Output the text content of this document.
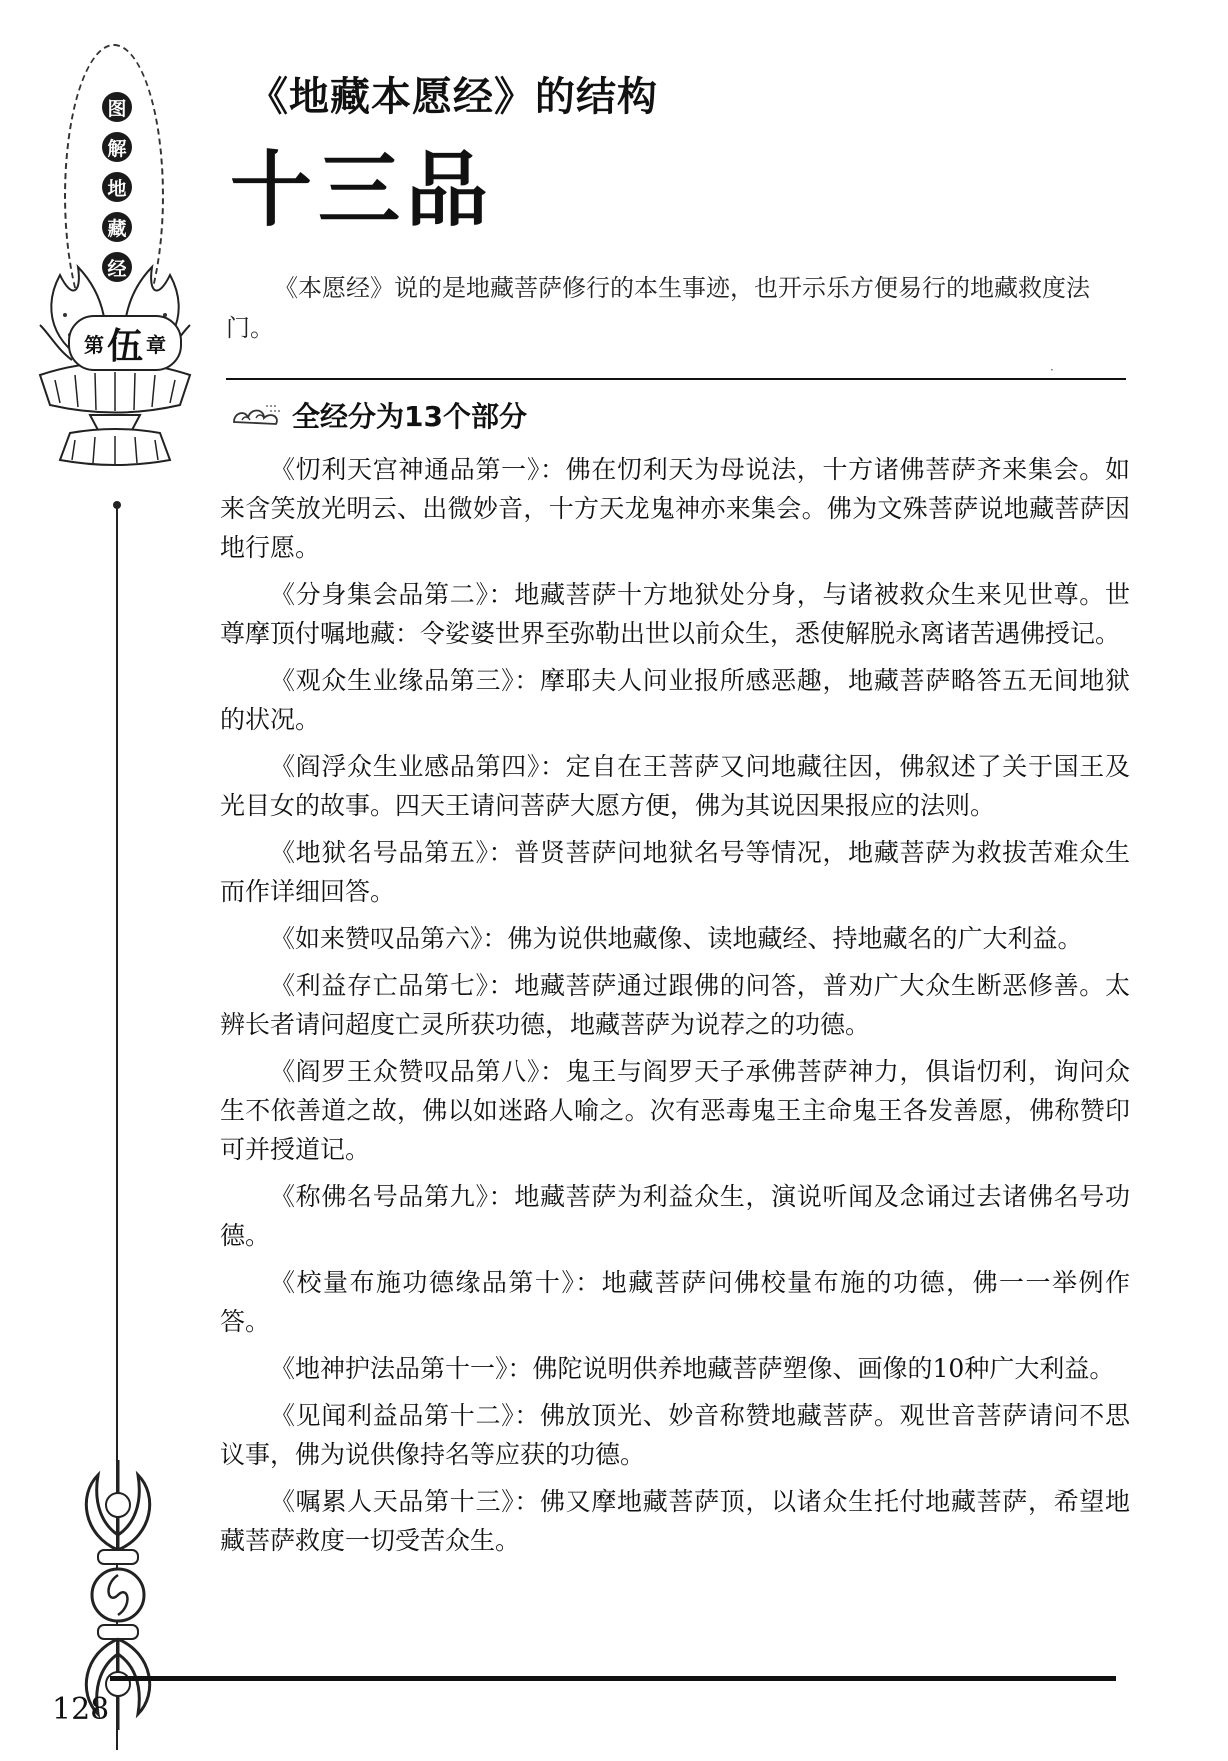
图
解
地
藏
经
第 伍 章
《地藏本愿经》的结构
十三品

《本愿经》说的是地藏菩萨修行的本生事迹，也开示乐方便易行的地藏救度法门。

·
全经分为13个部分

《忉利天宫神通品第一》：佛在忉利天为母说法，十方诸佛菩萨齐来集会。如来含笑放光明云、出微妙音，十方天龙鬼神亦来集会。佛为文殊菩萨说地藏菩萨因地行愿。

《分身集会品第二》：地藏菩萨十方地狱处分身，与诸被救众生来见世尊。世尊摩顶付嘱地藏：令娑婆世界至弥勒出世以前众生，悉使解脱永离诸苦遇佛授记。

《观众生业缘品第三》：摩耶夫人问业报所感恶趣，地藏菩萨略答五无间地狱的状况。

《阎浮众生业感品第四》：定自在王菩萨又问地藏往因，佛叙述了关于国王及光目女的故事。四天王请问菩萨大愿方便，佛为其说因果报应的法则。

《地狱名号品第五》：普贤菩萨问地狱名号等情况，地藏菩萨为救拔苦难众生而作详细回答。

《如来赞叹品第六》：佛为说供地藏像、读地藏经、持地藏名的广大利益。

《利益存亡品第七》：地藏菩萨通过跟佛的问答，普劝广大众生断恶修善。太辨长者请问超度亡灵所获功德，地藏菩萨为说荐之的功德。

《阎罗王众赞叹品第八》：鬼王与阎罗天子承佛菩萨神力，俱诣忉利，询问众生不依善道之故，佛以如迷路人喻之。次有恶毒鬼王主命鬼王各发善愿，佛称赞印可并授道记。

《称佛名号品第九》：地藏菩萨为利益众生，演说听闻及念诵过去诸佛名号功德。

《校量布施功德缘品第十》：地藏菩萨问佛校量布施的功德，佛一一举例作答。

《地神护法品第十一》：佛陀说明供养地藏菩萨塑像、画像的10种广大利益。

《见闻利益品第十二》：佛放顶光、妙音称赞地藏菩萨。观世音菩萨请问不思议事，佛为说供像持名等应获的功德。

《嘱累人天品第十三》：佛又摩地藏菩萨顶，以诸众生托付地藏菩萨，希望地藏菩萨救度一切受苦众生。

128
